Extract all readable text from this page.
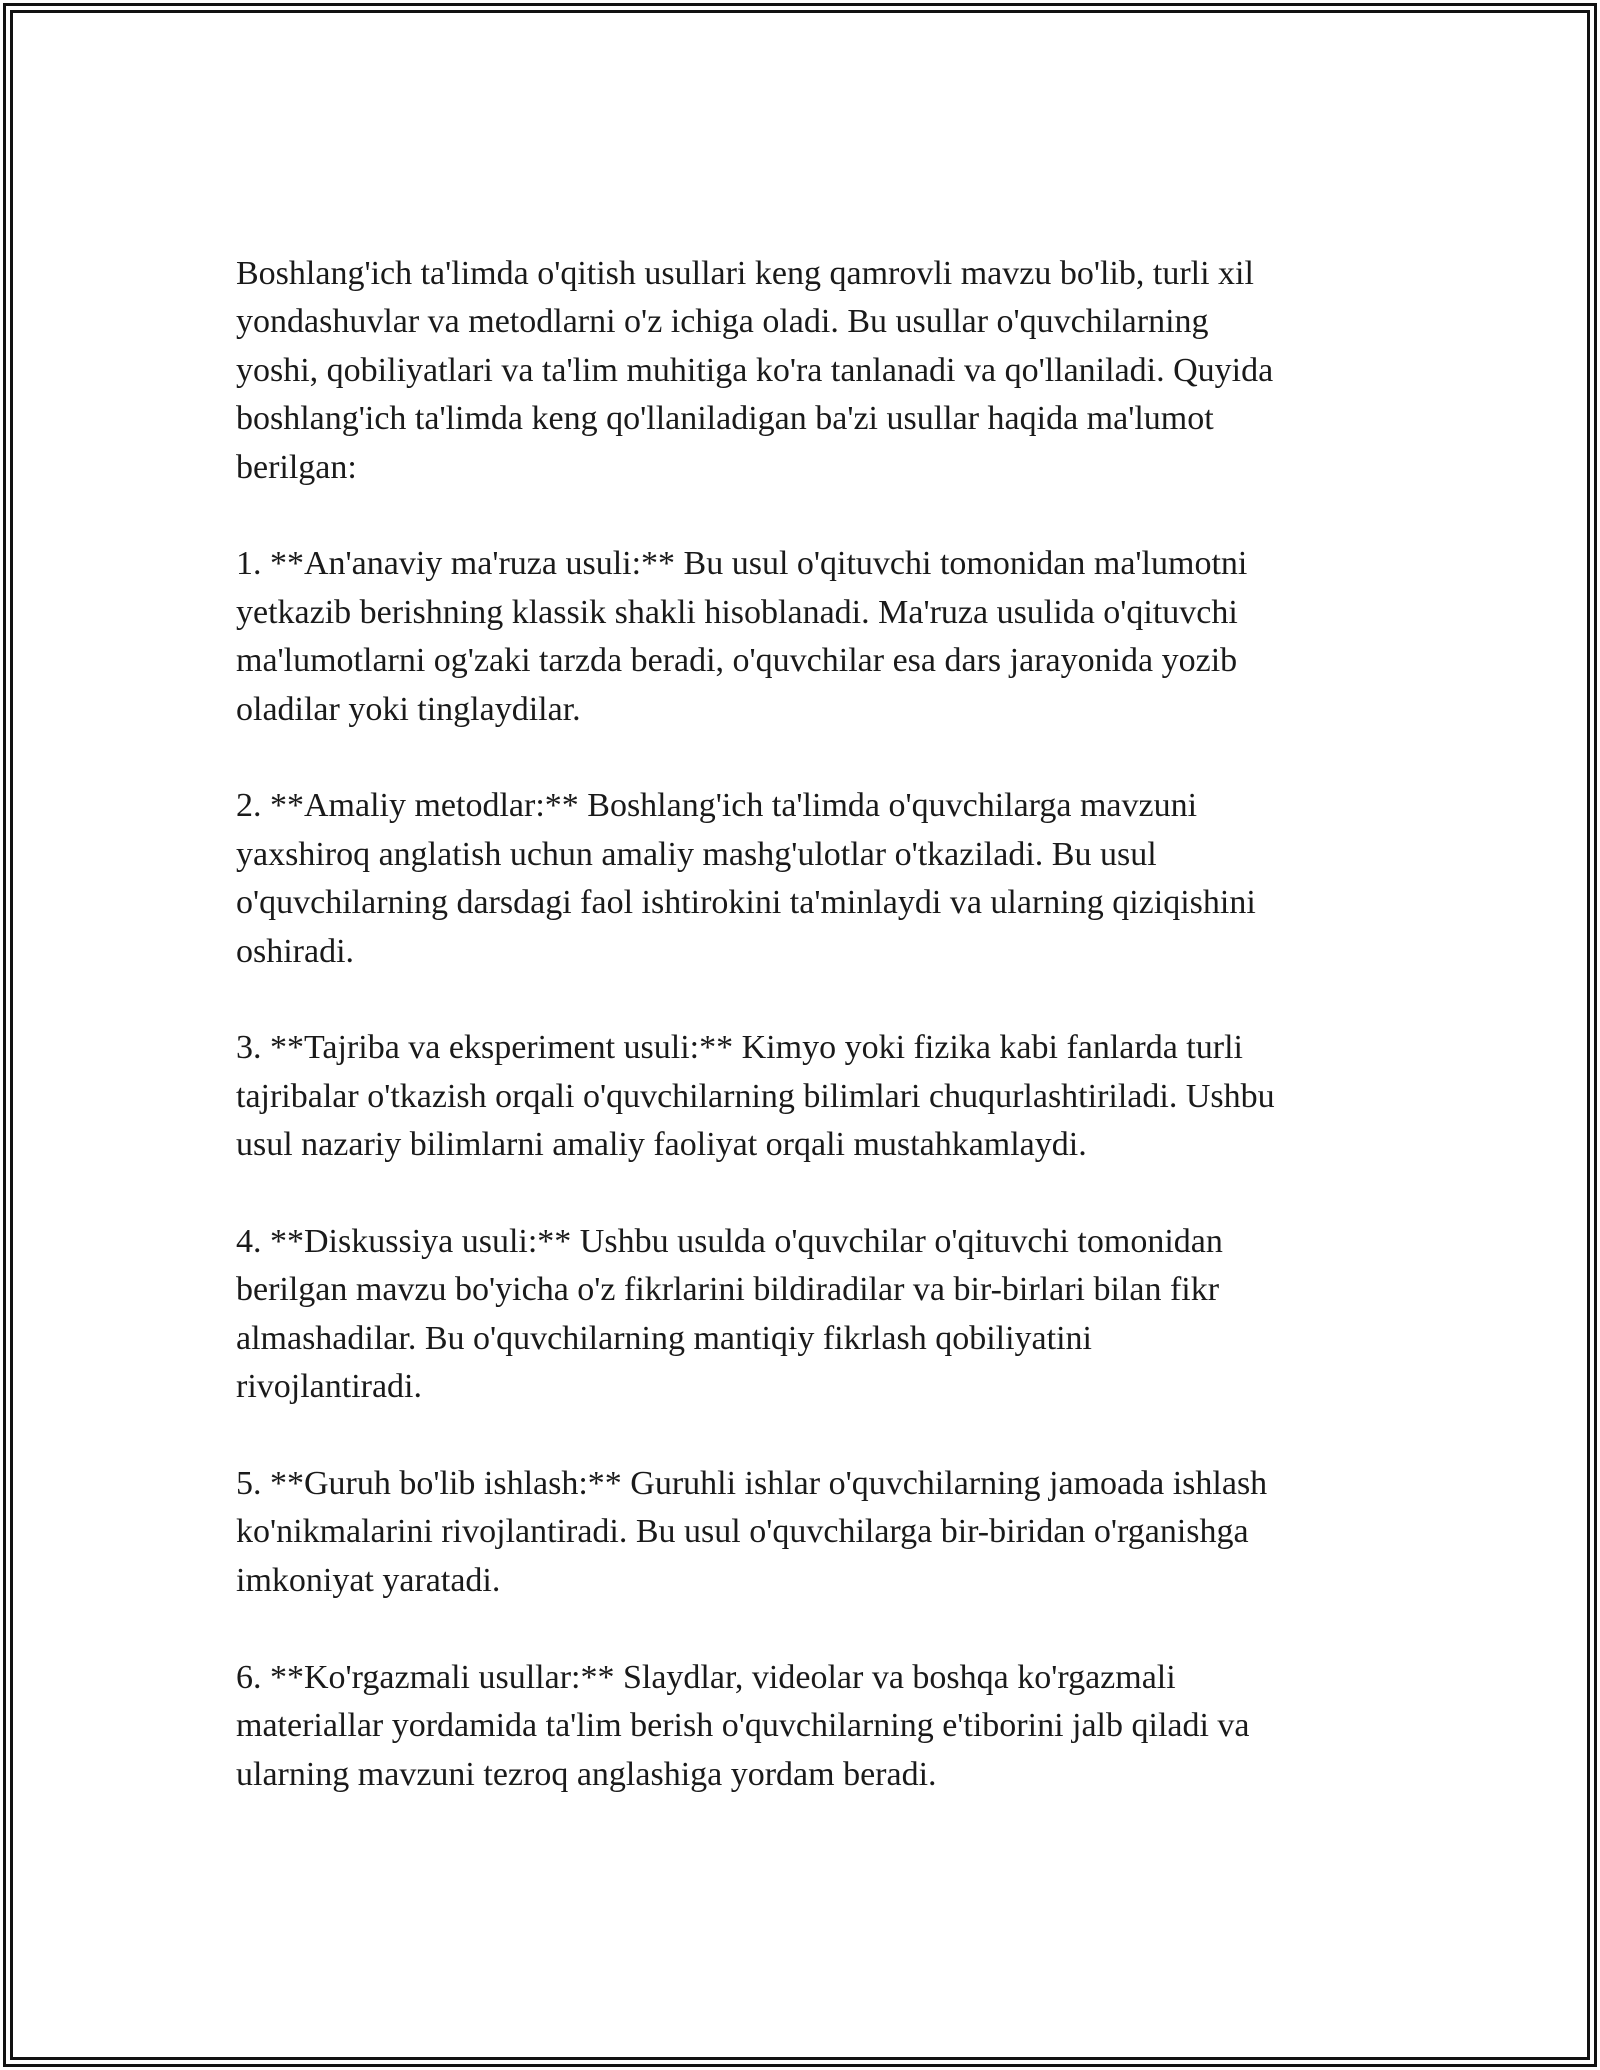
Boshlang'ich ta'limda o'qitish usullari keng qamrovli mavzu bo'lib, turli xil
yondashuvlar va metodlarni o'z ichiga oladi. Bu usullar o'quvchilarning
yoshi, qobiliyatlari va ta'lim muhitiga ko'ra tanlanadi va qo'llaniladi. Quyida
boshlang'ich ta'limda keng qo'llaniladigan ba'zi usullar haqida ma'lumot
berilgan:

1. **An'anaviy ma'ruza usuli:** Bu usul o'qituvchi tomonidan ma'lumotni
yetkazib berishning klassik shakli hisoblanadi. Ma'ruza usulida o'qituvchi
ma'lumotlarni og'zaki tarzda beradi, o'quvchilar esa dars jarayonida yozib
oladilar yoki tinglaydilar.

2. **Amaliy metodlar:** Boshlang'ich ta'limda o'quvchilarga mavzuni
yaxshiroq anglatish uchun amaliy mashg'ulotlar o'tkaziladi. Bu usul
o'quvchilarning darsdagi faol ishtirokini ta'minlaydi va ularning qiziqishini
oshiradi.

3. **Tajriba va eksperiment usuli:** Kimyo yoki fizika kabi fanlarda turli
tajribalar o'tkazish orqali o'quvchilarning bilimlari chuqurlashtiriladi. Ushbu
usul nazariy bilimlarni amaliy faoliyat orqali mustahkamlaydi.

4. **Diskussiya usuli:** Ushbu usulda o'quvchilar o'qituvchi tomonidan
berilgan mavzu bo'yicha o'z fikrlarini bildiradilar va bir-birlari bilan fikr
almashadilar. Bu o'quvchilarning mantiqiy fikrlash qobiliyatini
rivojlantiradi.

5. **Guruh bo'lib ishlash:** Guruhli ishlar o'quvchilarning jamoada ishlash
ko'nikmalarini rivojlantiradi. Bu usul o'quvchilarga bir-biridan o'rganishga
imkoniyat yaratadi.

6. **Ko'rgazmali usullar:** Slaydlar, videolar va boshqa ko'rgazmali
materiallar yordamida ta'lim berish o'quvchilarning e'tiborini jalb qiladi va
ularning mavzuni tezroq anglashiga yordam beradi.
